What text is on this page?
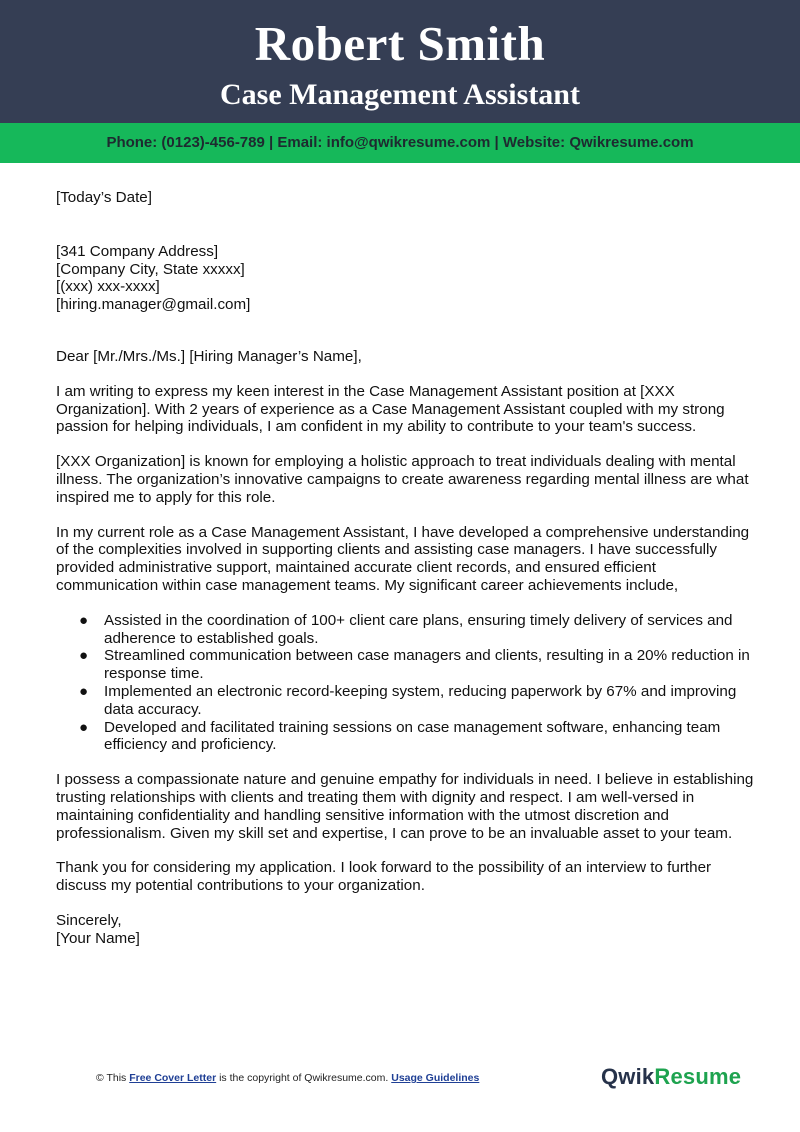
Robert Smith
Case Management Assistant
Phone: (0123)-456-789 | Email: info@qwikresume.com | Website: Qwikresume.com

[Today’s Date]

[341 Company Address]

[Company City, State xxxxx]

[(xxx) xxx-xxxx]

[hiring.manager@gmail.com]

Dear [Mr./Mrs./Ms.] [Hiring Manager’s Name],

I am writing to express my keen interest in the Case Management Assistant position at [XXX Organization]. With 2 years of experience as a Case Management Assistant coupled with my strong passion for helping individuals, I am confident in my ability to contribute to your team's success.

[XXX Organization] is known for employing a holistic approach to treat individuals dealing with mental illness. The organization’s innovative campaigns to create awareness regarding mental illness are what inspired me to apply for this role.

In my current role as a Case Management Assistant, I have developed a comprehensive understanding of the complexities involved in supporting clients and assisting case managers. I have successfully provided administrative support, maintained accurate client records, and ensured efficient communication within case management teams. My significant career achievements include,

● Assisted in the coordination of 100+ client care plans, ensuring timely delivery of services and adherence to established goals.
● Streamlined communication between case managers and clients, resulting in a 20% reduction in response time.
● Implemented an electronic record-keeping system, reducing paperwork by 67% and improving data accuracy.
● Developed and facilitated training sessions on case management software, enhancing team efficiency and proficiency.

I possess a compassionate nature and genuine empathy for individuals in need. I believe in establishing trusting relationships with clients and treating them with dignity and respect. I am well-versed in maintaining confidentiality and handling sensitive information with the utmost discretion and professionalism. Given my skill set and expertise, I can prove to be an invaluable asset to your team.

Thank you for considering my application. I look forward to the possibility of an interview to further discuss my potential contributions to your organization.

Sincerely,

[Your Name]

© This Free Cover Letter is the copyright of Qwikresume.com. Usage Guidelines	QwikResume
